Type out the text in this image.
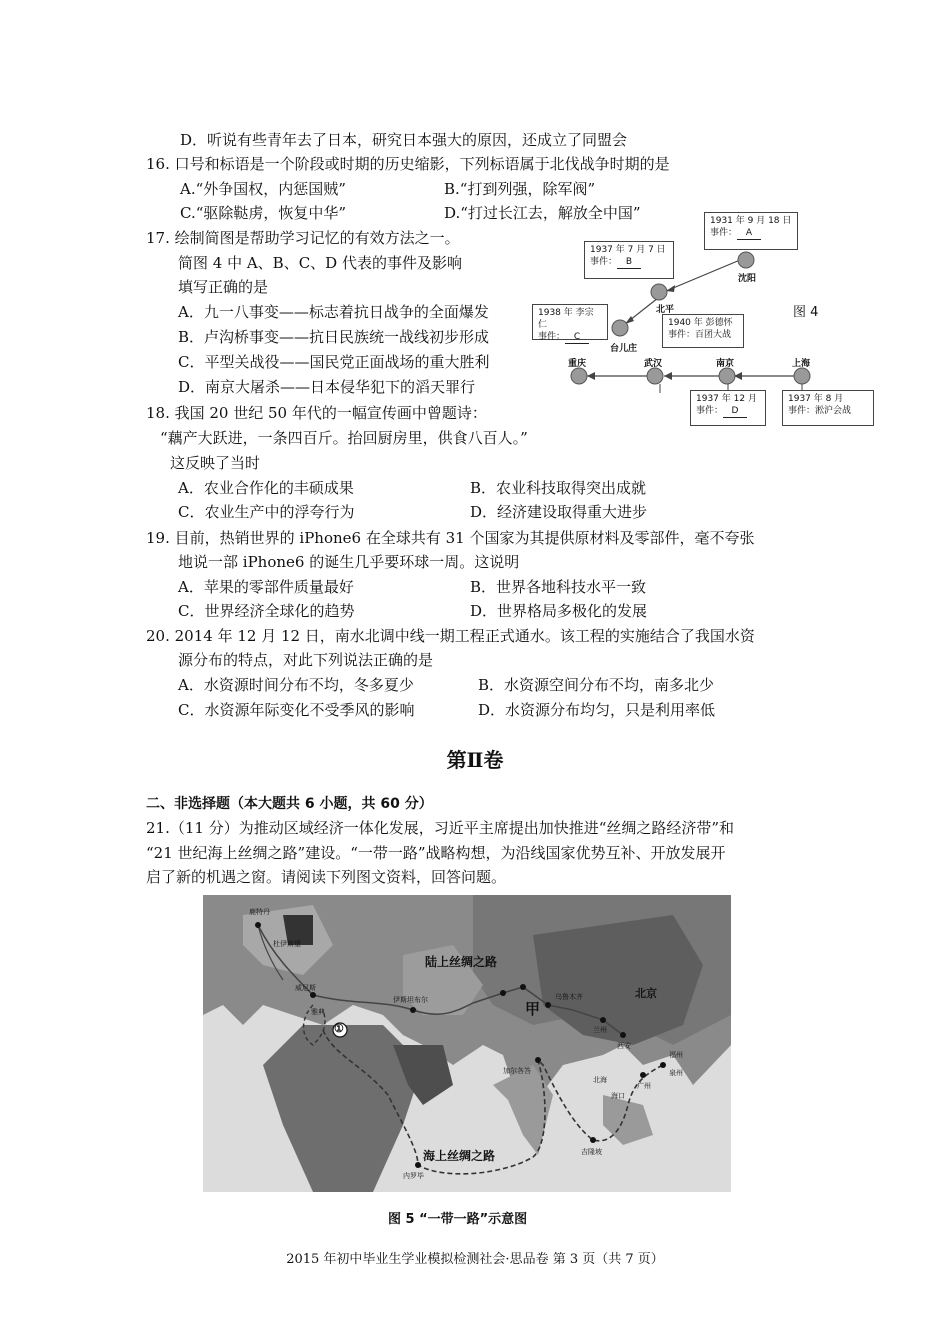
D．听说有些青年去了日本，研究日本强大的原因，还成立了同盟会
16. 口号和标语是一个阶段或时期的历史缩影，下列标语属于北伐战争时期的是
A.“外争国权，内惩国贼”	B.“打到列强，除军阀”
C.“驱除鞑虏，恢复中华”	D.“打过长江去，解放全中国”
17. 绘制简图是帮助学习记忆的有效方法之一。
简图 4 中 A、B、C、D 代表的事件及影响
填写正确的是
A．九一八事变——标志着抗日战争的全面爆发
B．卢沟桥事变——抗日民族统一战线初步形成
C．平型关战役——国民党正面战场的重大胜利
D．南京大屠杀——日本侵华犯下的滔天罪行
1931 年 9 月 18 日
事件： A
1937 年 7 月 7 日
事件： B
1938 年 李宗仁
事件： C
1940 年 彭德怀
事件：百团大战
1937 年 12 月
事件： D
1937 年 8 月
事件：淞沪会战
沈阳
北平
台儿庄
重庆	武汉	南京	上海
图 4
18. 我国 20 世纪 50 年代的一幅宣传画中曾题诗：
“藕产大跃进，一条四百斤。抬回厨房里，供食八百人。”
这反映了当时
A．农业合作化的丰硕成果	B．农业科技取得突出成就
C．农业生产中的浮夸行为	D．经济建设取得重大进步
19. 目前，热销世界的 iPhone6 在全球共有 31 个国家为其提供原材料及零部件，毫不夸张
地说一部 iPhone6 的诞生几乎要环球一周。这说明
A．苹果的零部件质量最好	B．世界各地科技水平一致
C．世界经济全球化的趋势	D．世界格局多极化的发展
20. 2014 年 12 月 12 日，南水北调中线一期工程正式通水。该工程的实施结合了我国水资
源分布的特点，对此下列说法正确的是
A．水资源时间分布不均，冬多夏少	B．水资源空间分布不均，南多北少
C．水资源年际变化不受季风的影响	D．水资源分布均匀，只是利用率低
第Ⅱ卷
二、非选择题（本大题共 6 小题，共 60 分）
21.（11 分）为推动区域经济一体化发展，习近平主席提出加快推进“丝绸之路经济带”和
“21 世纪海上丝绸之路”建设。“一带一路”战略构想，为沿线国家优势互补、开放发展开
启了新的机遇之窗。请阅读下列图文资料，回答问题。
陆上丝绸之路
海上丝绸之路
北京
甲
①
鹿特丹
杜伊斯堡
威尼斯
雅典
伊斯坦布尔	乌鲁木齐
兰州
西安
福州
泉州
广州
北海
海口
加尔各答
内罗毕
吉隆坡
图 5 “一带一路”示意图
2015 年初中毕业生学业模拟检测社会·思品卷 第 3 页（共 7 页）
